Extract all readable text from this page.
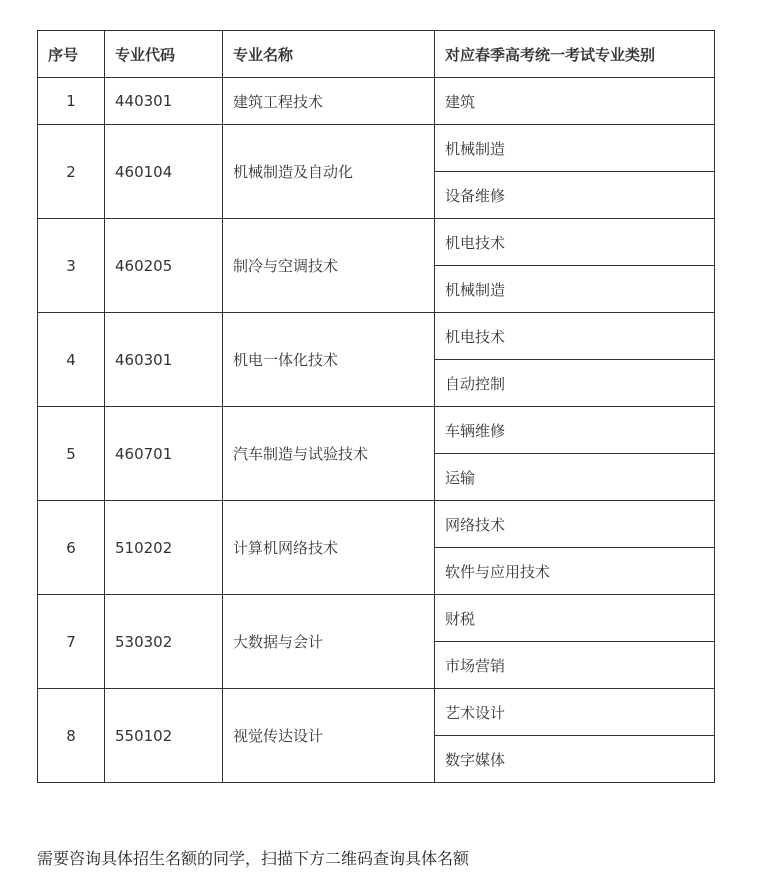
序号	专业代码	专业名称	对应春季高考统一考试专业类别
1	440301	建筑工程技术	建筑
2	460104	机械制造及自动化	机械制造
			设备维修
3	460205	制冷与空调技术	机电技术
			机械制造
4	460301	机电一体化技术	机电技术
			自动控制
5	460701	汽车制造与试验技术	车辆维修
			运输
6	510202	计算机网络技术	网络技术
			软件与应用技术
7	530302	大数据与会计	财税
			市场营销
8	550102	视觉传达设计	艺术设计
			数字媒体
需要咨询具体招生名额的同学，扫描下方二维码查询具体名额
